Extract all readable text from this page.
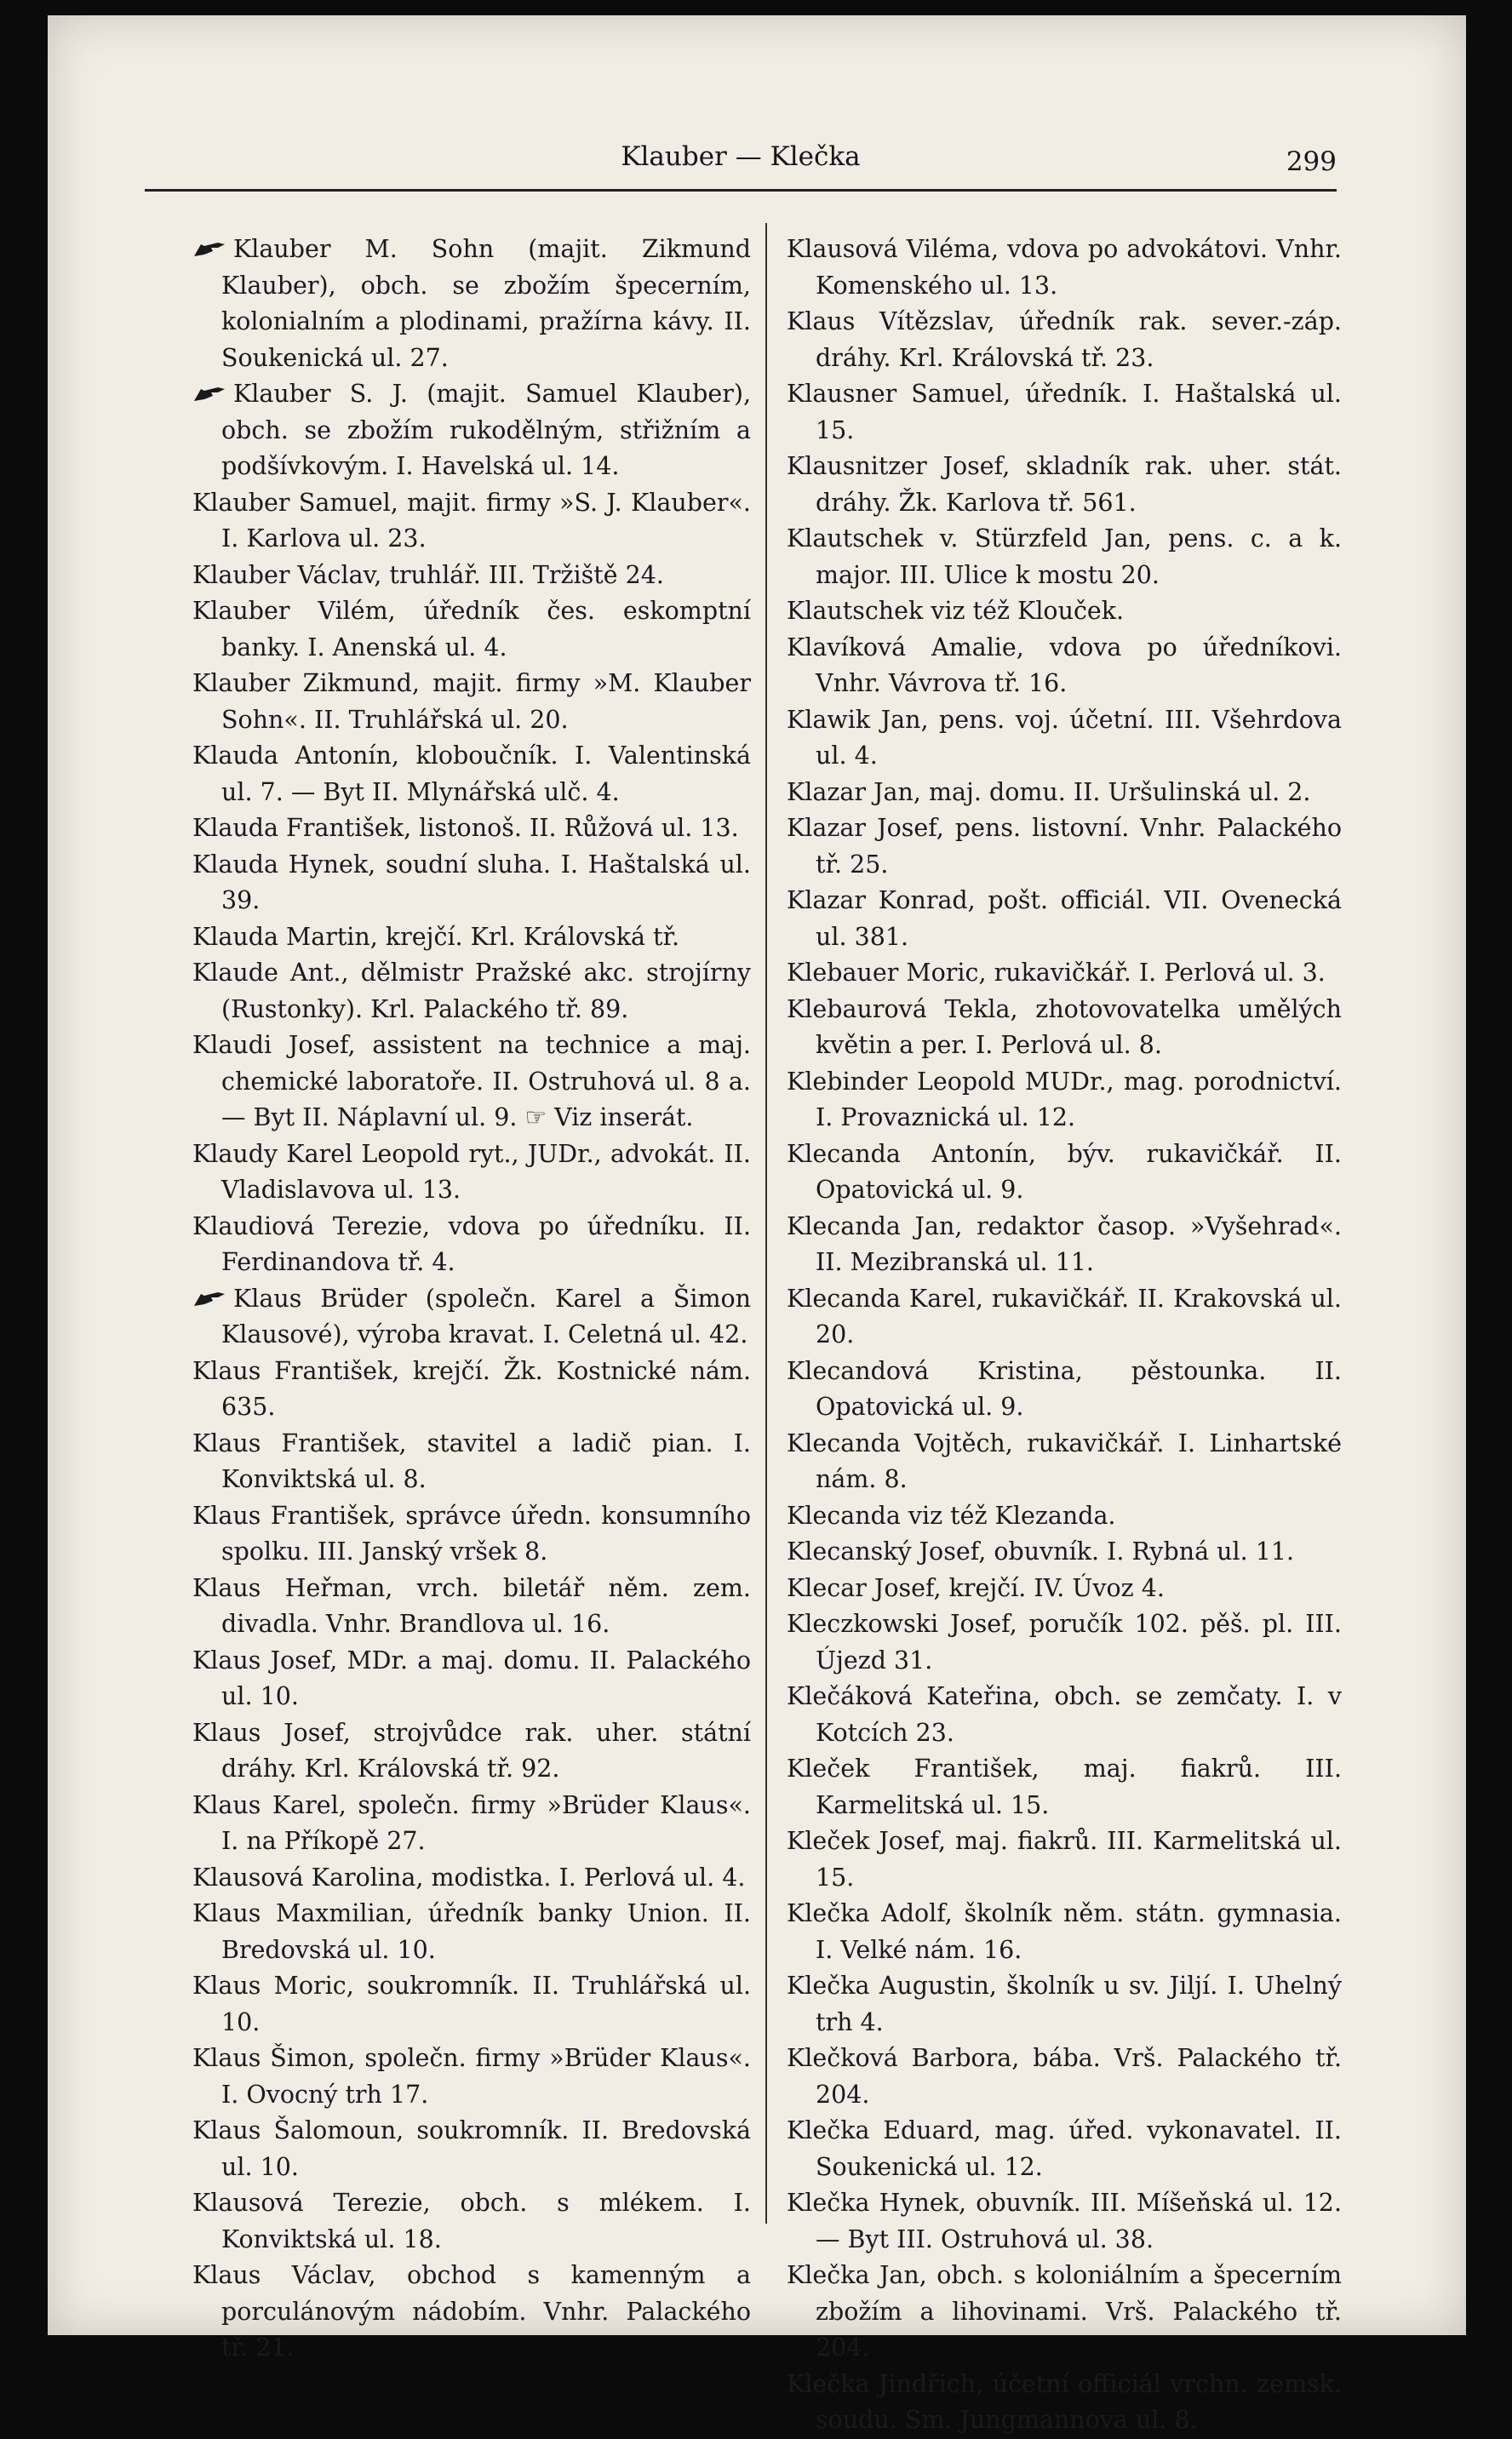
Klauber — Klečka	299
Klauber M. Sohn (majit. Zikmund Klauber), obch. se zbožím špecerním, kolonialním a plodinami, pražírna kávy. II. Soukenická ul. 27.
Klauber S. J. (majit. Samuel Klauber), obch. se zbožím rukodělným, střižním a podšívkovým. I. Havelská ul. 14.
Klauber Samuel, majit. firmy »S. J. Klauber«. I. Karlova ul. 23.
Klauber Václav, truhlář. III. Tržiště 24.
Klauber Vilém, úředník čes. eskomptní banky. I. Anenská ul. 4.
Klauber Zikmund, majit. firmy »M. Klauber Sohn«. II. Truhlářská ul. 20.
Klauda Antonín, kloboučník. I. Valentinská ul. 7. — Byt II. Mlynářská ulč. 4.
Klauda František, listonoš. II. Růžová ul. 13.
Klauda Hynek, soudní sluha. I. Haštalská ul. 39.
Klauda Martin, krejčí. Krl. Královská tř.
Klaude Ant., dělmistr Pražské akc. strojírny (Rustonky). Krl. Palackého tř. 89.
Klaudi Josef, assistent na technice a maj. chemické laboratoře. II. Ostruhová ul. 8 a. — Byt II. Náplavní ul. 9. ☞ Viz inserát.
Klaudy Karel Leopold ryt., JUDr., advokát. II. Vladislavova ul. 13.
Klaudiová Terezie, vdova po úředníku. II. Ferdinandova tř. 4.
Klaus Brüder (společn. Karel a Šimon Klausové), výroba kravat. I. Celetná ul. 42.
Klaus František, krejčí. Žk. Kostnické nám. 635.
Klaus František, stavitel a ladič pian. I. Konviktská ul. 8.
Klaus František, správce úředn. konsumního spolku. III. Janský vršek 8.
Klaus Heřman, vrch. biletář něm. zem. divadla. Vnhr. Brandlova ul. 16.
Klaus Josef, MDr. a maj. domu. II. Palackého ul. 10.
Klaus Josef, strojvůdce rak. uher. státní dráhy. Krl. Královská tř. 92.
Klaus Karel, společn. firmy »Brüder Klaus«. I. na Příkopě 27.
Klausová Karolina, modistka. I. Perlová ul. 4.
Klaus Maxmilian, úředník banky Union. II. Bredovská ul. 10.
Klaus Moric, soukromník. II. Truhlářská ul. 10.
Klaus Šimon, společn. firmy »Brüder Klaus«. I. Ovocný trh 17.
Klaus Šalomoun, soukromník. II. Bredovská ul. 10.
Klausová Terezie, obch. s mlékem. I. Konviktská ul. 18.
Klaus Václav, obchod s kamenným a porculánovým nádobím. Vnhr. Palackého tř. 21.
Klausová Viléma, vdova po advokátovi. Vnhr. Komenského ul. 13.
Klaus Vítězslav, úředník rak. sever.-záp. dráhy. Krl. Královská tř. 23.
Klausner Samuel, úředník. I. Haštalská ul. 15.
Klausnitzer Josef, skladník rak. uher. stát. dráhy. Žk. Karlova tř. 561.
Klautschek v. Stürzfeld Jan, pens. c. a k. major. III. Ulice k mostu 20.
Klautschek viz též Klouček.
Klavíková Amalie, vdova po úředníkovi. Vnhr. Vávrova tř. 16.
Klawik Jan, pens. voj. účetní. III. Všehrdova ul. 4.
Klazar Jan, maj. domu. II. Uršulinská ul. 2.
Klazar Josef, pens. listovní. Vnhr. Palackého tř. 25.
Klazar Konrad, pošt. officiál. VII. Ovenecká ul. 381.
Klebauer Moric, rukavičkář. I. Perlová ul. 3.
Klebaurová Tekla, zhotovovatelka umělých květin a per. I. Perlová ul. 8.
Klebinder Leopold MUDr., mag. porodnictví. I. Provaznická ul. 12.
Klecanda Antonín, býv. rukavičkář. II. Opatovická ul. 9.
Klecanda Jan, redaktor časop. »Vyšehrad«. II. Mezibranská ul. 11.
Klecanda Karel, rukavičkář. II. Krakovská ul. 20.
Klecandová Kristina, pěstounka. II. Opatovická ul. 9.
Klecanda Vojtěch, rukavičkář. I. Linhartské nám. 8.
Klecanda viz též Klezanda.
Klecanský Josef, obuvník. I. Rybná ul. 11.
Klecar Josef, krejčí. IV. Úvoz 4.
Kleczkowski Josef, poručík 102. pěš. pl. III. Újezd 31.
Klečáková Kateřina, obch. se zemčaty. I. v Kotcích 23.
Kleček František, maj. fiakrů. III. Karmelitská ul. 15.
Kleček Josef, maj. fiakrů. III. Karmelitská ul. 15.
Klečka Adolf, školník něm. státn. gymnasia. I. Velké nám. 16.
Klečka Augustin, školník u sv. Jiljí. I. Uhelný trh 4.
Klečková Barbora, bába. Vrš. Palackého tř. 204.
Klečka Eduard, mag. úřed. vykonavatel. II. Soukenická ul. 12.
Klečka Hynek, obuvník. III. Míšeňská ul. 12. — Byt III. Ostruhová ul. 38.
Klečka Jan, obch. s koloniálním a špecerním zbožím a lihovinami. Vrš. Palackého tř. 204.
Klečka Jindřich, účetní officiál vrchn. zemsk. soudu. Sm. Jungmannova ul. 8.
